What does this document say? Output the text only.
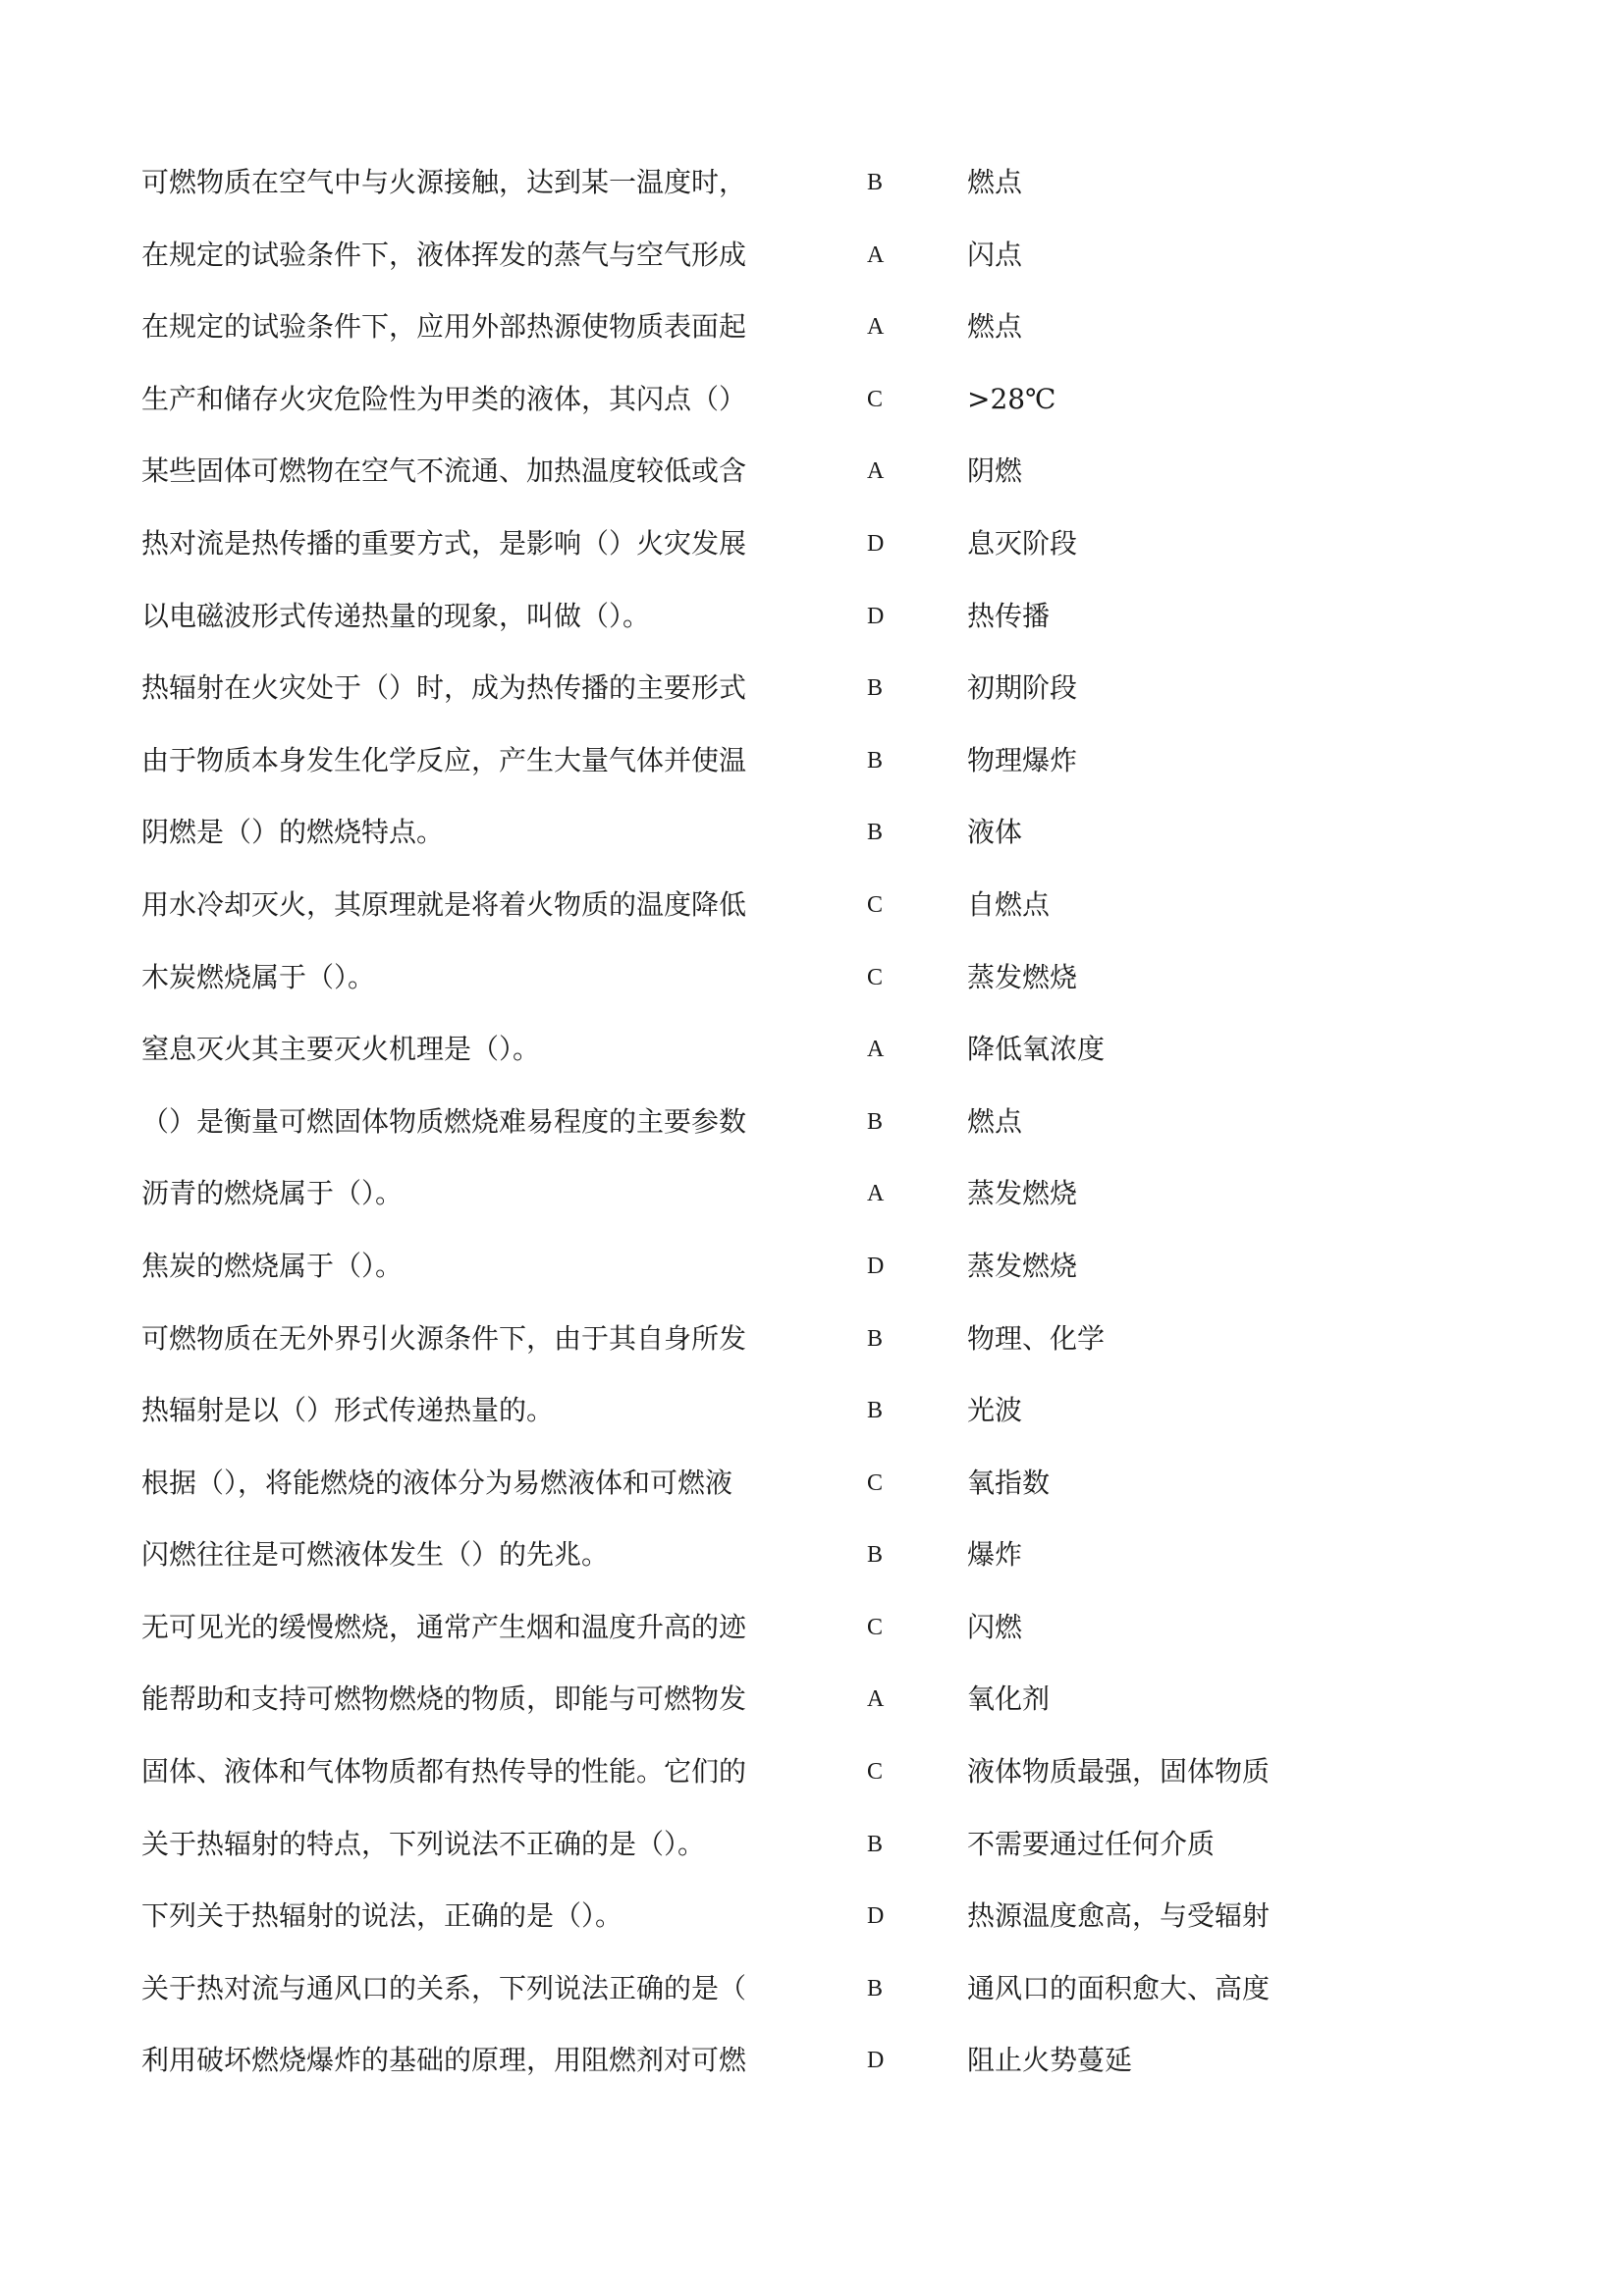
可燃物质在空气中与火源接触，达到某一温度时，	B	燃点
在规定的试验条件下，液体挥发的蒸气与空气形成	A	闪点
在规定的试验条件下，应用外部热源使物质表面起	A	燃点
生产和储存火灾危险性为甲类的液体，其闪点（）	C	>28℃
某些固体可燃物在空气不流通、加热温度较低或含	A	阴燃
热对流是热传播的重要方式，是影响（）火灾发展	D	息灭阶段
以电磁波形式传递热量的现象，叫做（）。	D	热传播
热辐射在火灾处于（）时，成为热传播的主要形式	B	初期阶段
由于物质本身发生化学反应，产生大量气体并使温	B	物理爆炸
阴燃是（）的燃烧特点。	B	液体
用水冷却灭火，其原理就是将着火物质的温度降低	C	自燃点
木炭燃烧属于（）。	C	蒸发燃烧
窒息灭火其主要灭火机理是（）。	A	降低氧浓度
（）是衡量可燃固体物质燃烧难易程度的主要参数	B	燃点
沥青的燃烧属于（）。	A	蒸发燃烧
焦炭的燃烧属于（）。	D	蒸发燃烧
可燃物质在无外界引火源条件下，由于其自身所发	B	物理、化学
热辐射是以（）形式传递热量的。	B	光波
根据（），将能燃烧的液体分为易燃液体和可燃液	C	氧指数
闪燃往往是可燃液体发生（）的先兆。	B	爆炸
无可见光的缓慢燃烧，通常产生烟和温度升高的迹	C	闪燃
能帮助和支持可燃物燃烧的物质，即能与可燃物发	A	氧化剂
固体、液体和气体物质都有热传导的性能。它们的	C	液体物质最强，固体物质
关于热辐射的特点，下列说法不正确的是（）。	B	不需要通过任何介质
下列关于热辐射的说法，正确的是（）。	D	热源温度愈高，与受辐射
关于热对流与通风口的关系，下列说法正确的是（	B	通风口的面积愈大、高度
利用破坏燃烧爆炸的基础的原理，用阻燃剂对可燃	D	阻止火势蔓延
